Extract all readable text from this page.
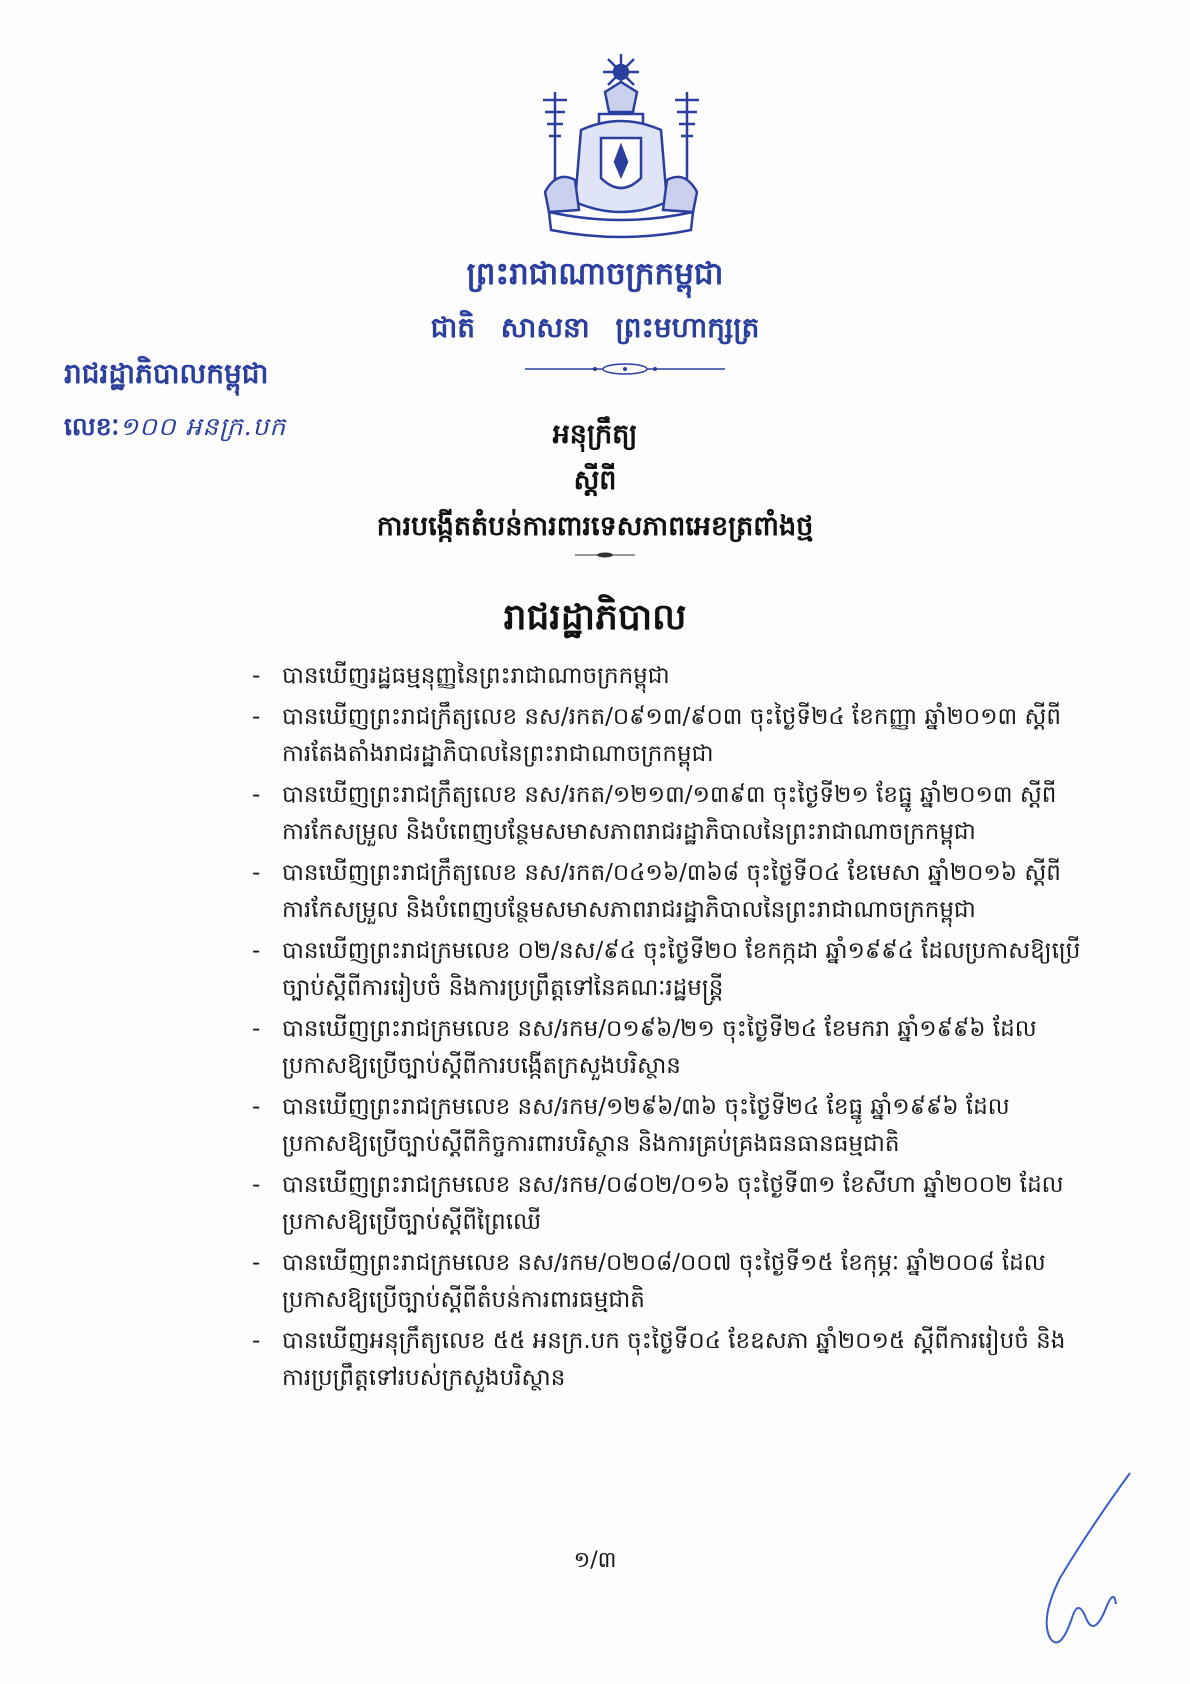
ព្រះរាជាណាចក្រកម្ពុជា
ជាតិ សាសនា ព្រះមហាក្សត្រ
រាជរដ្ឋាភិបាលកម្ពុជា
លេខៈ១០០ អនក្រ.បក	អនុក្រឹត្យ
ស្តីពី
ការបង្កើតតំបន់ការពារទេសភាពអេខត្រពាំងថ្ម
រាជរដ្ឋាភិបាល
- បានឃើញរដ្ឋធម្មនុញ្ញនៃព្រះរាជាណាចក្រកម្ពុជា
- បានឃើញព្រះរាជក្រឹត្យលេខ នស/រកត/០៩១៣/៩០៣ ចុះថ្ងៃទី២៤ ខែកញ្ញា ឆ្នាំ២០១៣ ស្តីពីការតែងតាំងរាជរដ្ឋាភិបាលនៃព្រះរាជាណាចក្រកម្ពុជា
- បានឃើញព្រះរាជក្រឹត្យលេខ នស/រកត/១២១៣/១៣៩៣ ចុះថ្ងៃទី២១ ខែធ្នូ ឆ្នាំ២០១៣ ស្តីពីការកែសម្រួល និងបំពេញបន្ថែមសមាសភាពរាជរដ្ឋាភិបាលនៃព្រះរាជាណាចក្រកម្ពុជា
- បានឃើញព្រះរាជក្រឹត្យលេខ នស/រកត/០៤១៦/៣៦៨ ចុះថ្ងៃទី០៤ ខែមេសា ឆ្នាំ២០១៦ ស្តីពីការកែសម្រួល និងបំពេញបន្ថែមសមាសភាពរាជរដ្ឋាភិបាលនៃព្រះរាជាណាចក្រកម្ពុជា
- បានឃើញព្រះរាជក្រមលេខ ០២/នស/៩៤ ចុះថ្ងៃទី២០ ខែកក្កដា ឆ្នាំ១៩៩៤ ដែលប្រកាសឱ្យប្រើច្បាប់ស្តីពីការរៀបចំ និងការប្រព្រឹត្តទៅនៃគណៈរដ្ឋមន្ត្រី
- បានឃើញព្រះរាជក្រមលេខ នស/រកម/០១៩៦/២១ ចុះថ្ងៃទី២៤ ខែមករា ឆ្នាំ១៩៩៦ ដែលប្រកាសឱ្យប្រើច្បាប់ស្តីពីការបង្កើតក្រសួងបរិស្ថាន
- បានឃើញព្រះរាជក្រមលេខ នស/រកម/១២៩៦/៣៦ ចុះថ្ងៃទី២៤ ខែធ្នូ ឆ្នាំ១៩៩៦ ដែលប្រកាសឱ្យប្រើច្បាប់ស្តីពីកិច្ចការពារបរិស្ថាន និងការគ្រប់គ្រងធនធានធម្មជាតិ
- បានឃើញព្រះរាជក្រមលេខ នស/រកម/០៨០២/០១៦ ចុះថ្ងៃទី៣១ ខែសីហា ឆ្នាំ២០០២ ដែលប្រកាសឱ្យប្រើច្បាប់ស្តីពីព្រៃឈើ
- បានឃើញព្រះរាជក្រមលេខ នស/រកម/០២០៨/០០៧ ចុះថ្ងៃទី១៥ ខែកុម្ភៈ ឆ្នាំ២០០៨ ដែលប្រកាសឱ្យប្រើច្បាប់ស្តីពីតំបន់ការពារធម្មជាតិ
- បានឃើញអនុក្រឹត្យលេខ ៥៥ អនក្រ.បក ចុះថ្ងៃទី០៤ ខែឧសភា ឆ្នាំ២០១៥ ស្តីពីការរៀបចំ និងការប្រព្រឹត្តទៅរបស់ក្រសួងបរិស្ថាន
១/៣
